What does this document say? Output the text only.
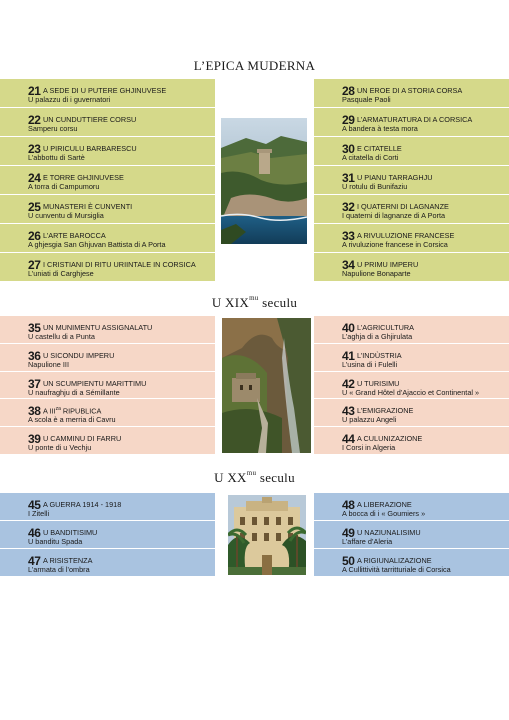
L’EPICA MUDERNA
U $XIX^{mu}$ seculu
U $XX^{mu}$ seculu
21 A SEDE DI U PUTERE GHJINUVESE
U palazzu di i guvernatori
22 UN CUNDUTTIERE CORSU
Samperu corsu
23 U PIRICULU BARBARESCU
L’abbottu di Sartè
24 E TORRE GHJINUVESE
A torra di Campumoru
25 MUNASTERI È CUNVENTI
U cunventu di Mursiglia
26 L’ARTE BAROCCA
A ghjesgia San Ghjuvan Battista di A Porta
27 I CRISTIANI DI RITU URIINTALE IN CORSICA
L’uniati di Carghjese
28 UN EROE DI A STORIA CORSA
Pasquale Paoli
29 L’ARMATURATURA DI A CORSICA
A bandera à testa mora
30 E CITATELLE
A citatella di Corti
31 U PIANU TARRAGHJU
U rotulu di Bunifaziu
32 I QUATERNI DI LAGNANZE
I quaterni di lagnanze di A Porta
33 A RIVULUZIONE FRANCESE
A rivuluzione francese in Corsica
34 U PRIMU IMPERU
Napulione Bonaparte
35 UN MUNIMENTU ASSIGNALATU
U castellu di a Punta
36 U SICONDU IMPERU
Napulione III
37 UN SCUMPIENTU MARITTIMU
U naufraghju di a Sémillante
38 A $III^{za}$ RIPUBLICA
A scola è a merria di Cavru
39 U CAMMINU DI FARRU
U ponte di u Vechju
40 L’AGRICULTURA
L’aghja di a Ghjirulata
41 L’INDÙSTRIA
L’usina di i Fulelli
42 U TURISIMU
U « Grand Hôtel d’Ajaccio et Continental »
43 L’EMIGRAZIONE
U palazzu Angeli
44 A CULUNIZAZIONE
I Corsi in Algeria
45 A GUERRA 1914 - 1918
I Zitelli
46 U BANDITISIMU
U banditu Spada
47 A RISISTENZA
L’armata di l’ombra
48 A LIBERAZIONE
A bocca di i « Goumiers »
49 U NAZIUNALISIMU
L’affare d’Aleria
50 A RIGIUNALIZAZIONE
A Cullittività tarritturiale di Corsica
